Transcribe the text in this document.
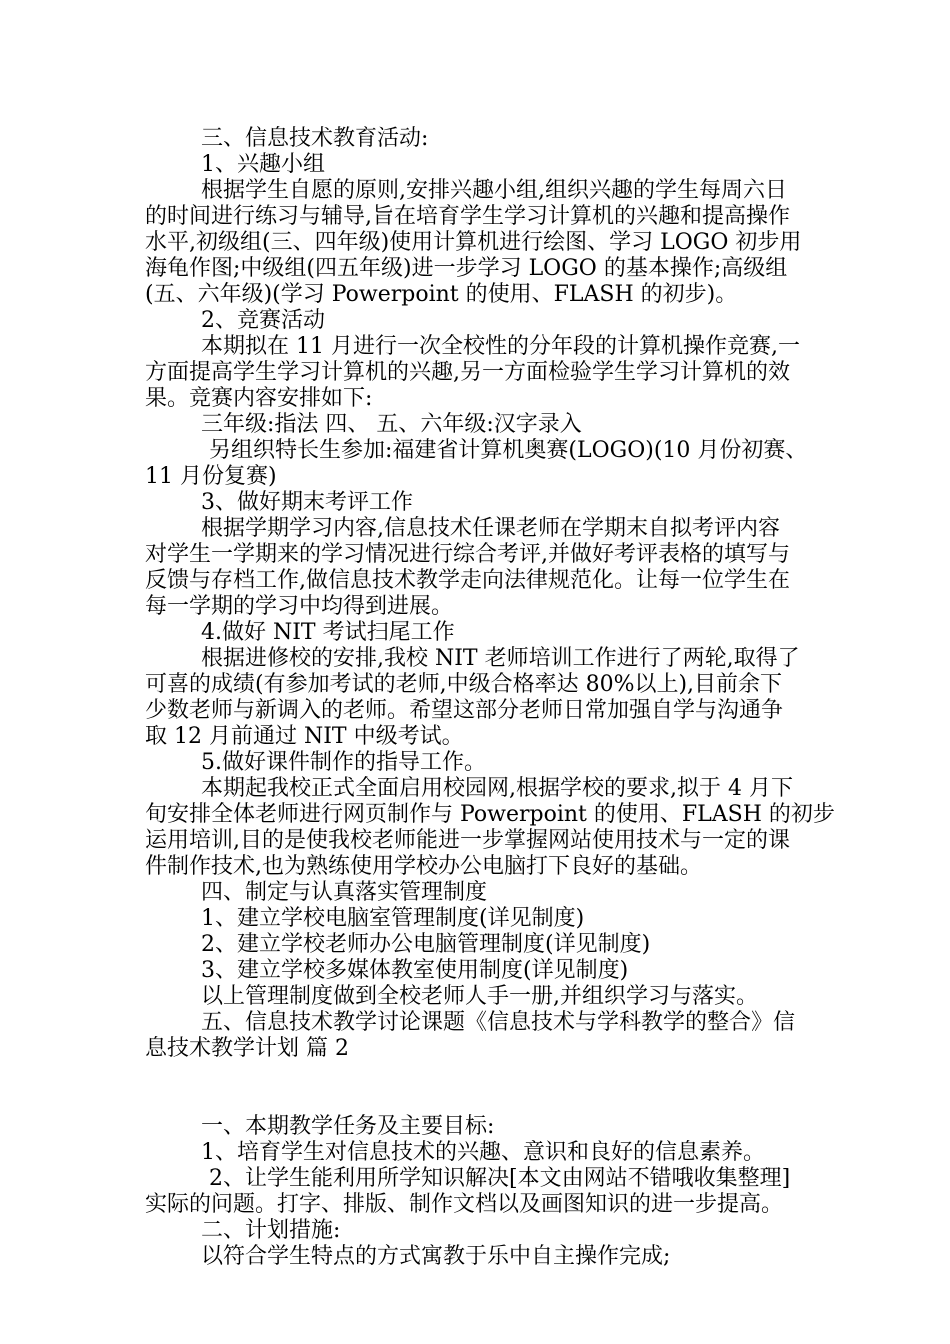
三、信息技术教育活动:
1、兴趣小组
根据学生自愿的原则,安排兴趣小组,组织兴趣的学生每周六日
的时间进行练习与辅导,旨在培育学生学习计算机的兴趣和提高操作
水平,初级组(三、四年级)使用计算机进行绘图、学习 LOGO 初步用
海龟作图;中级组(四五年级)进一步学习 LOGO 的基本操作;高级组
(五、六年级)(学习 Powerpoint 的使用、FLASH 的初步)。
2、竞赛活动
本期拟在 11 月进行一次全校性的分年段的计算机操作竞赛,一
方面提高学生学习计算机的兴趣,另一方面检验学生学习计算机的效
果。竞赛内容安排如下:
三年级:指法 四、 五、六年级:汉字录入
另组织特长生参加:福建省计算机奥赛(LOGO)(10 月份初赛、
11 月份复赛)
3、做好期末考评工作
根据学期学习内容,信息技术任课老师在学期末自拟考评内容
对学生一学期来的学习情况进行综合考评,并做好考评表格的填写与
反馈与存档工作,做信息技术教学走向法律规范化。让每一位学生在
每一学期的学习中均得到进展。
4.做好 NIT 考试扫尾工作
根据进修校的安排,我校 NIT 老师培训工作进行了两轮,取得了
可喜的成绩(有参加考试的老师,中级合格率达 80%以上),目前余下
少数老师与新调入的老师。希望这部分老师日常加强自学与沟通争
取 12 月前通过 NIT 中级考试。
5.做好课件制作的指导工作。
本期起我校正式全面启用校园网,根据学校的要求,拟于 4 月下
旬安排全体老师进行网页制作与 Powerpoint 的使用、FLASH 的初步
运用培训,目的是使我校老师能进一步掌握网站使用技术与一定的课
件制作技术,也为熟练使用学校办公电脑打下良好的基础。
四、制定与认真落实管理制度
1、建立学校电脑室管理制度(详见制度)
2、建立学校老师办公电脑管理制度(详见制度)
3、建立学校多媒体教室使用制度(详见制度)
以上管理制度做到全校老师人手一册,并组织学习与落实。
五、信息技术教学讨论课题《信息技术与学科教学的整合》信
息技术教学计划 篇 2
一、本期教学任务及主要目标:
1、培育学生对信息技术的兴趣、意识和良好的信息素养。
2、让学生能利用所学知识解决[本文由网站不错哦收集整理]
实际的问题。打字、排版、制作文档以及画图知识的进一步提高。
二、计划措施:
以符合学生特点的方式寓教于乐中自主操作完成;
